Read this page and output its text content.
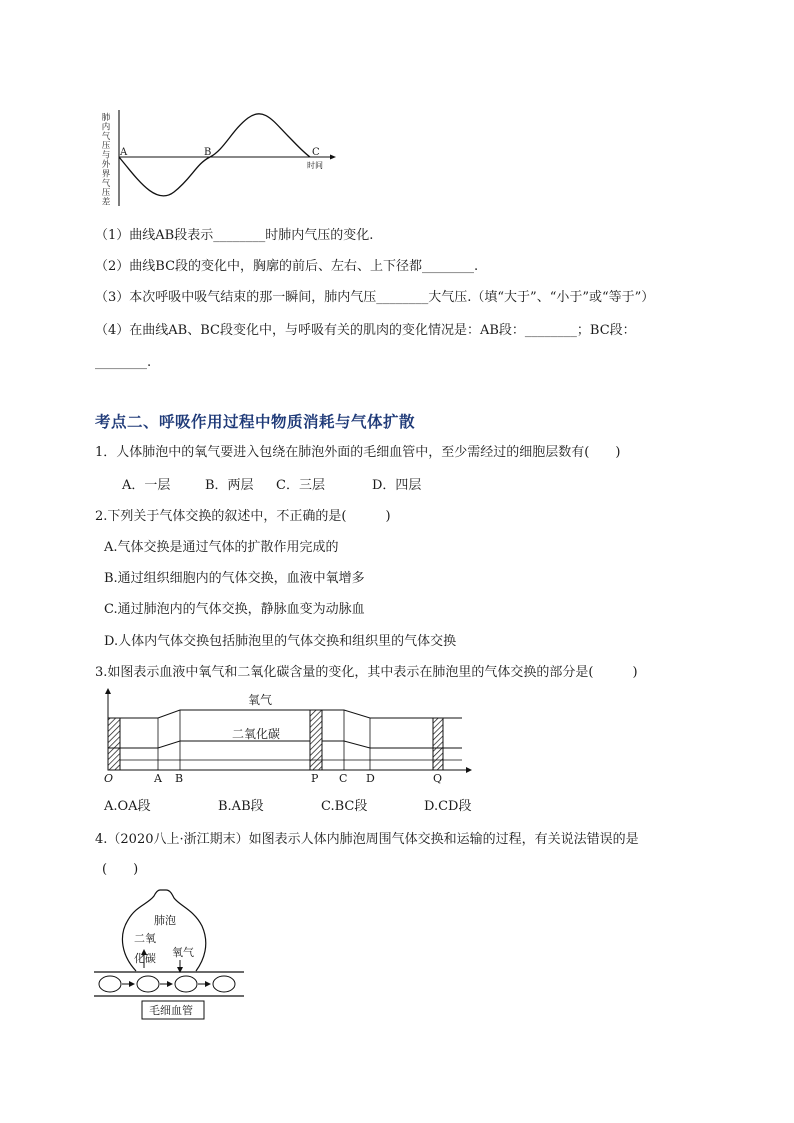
肺内气压与外界气压差
A	B	C
时间
（1）曲线AB段表示________时肺内气压的变化.
（2）曲线BC段的变化中，胸廓的前后、左右、上下径都________.
（3）本次呼吸中吸气结束的那一瞬间，肺内气压________大气压.（填“大于”、“小于”或“等于”）
（4）在曲线AB、BC段变化中，与呼吸有关的肌肉的变化情况是：AB段：________；BC段：
________.
考点二、呼吸作用过程中物质消耗与气体扩散
1．人体肺泡中的氧气要进入包绕在肺泡外面的毛细血管中，至少需经过的细胞层数有(　　)
A．一层	B．两层 C．三层	D．四层
2.下列关于气体交换的叙述中，不正确的是(　　　)
A.气体交换是通过气体的扩散作用完成的
B.通过组织细胞内的气体交换，血液中氧增多
C.通过肺泡内的气体交换，静脉血变为动脉血
D.人体内气体交换包括肺泡里的气体交换和组织里的气体交换
3.如图表示血液中氧气和二氧化碳含量的变化，其中表示在肺泡里的气体交换的部分是(　　　)
氧气
二氧化碳
O	A B	P C D	Q
A.OA段	B.AB段	C.BC段	D.CD段
4.（2020八上·浙江期末）如图表示人体内肺泡周围气体交换和运输的过程，有关说法错误的是
(　　)
肺泡
二氧
化碳 氧气
毛细血管
